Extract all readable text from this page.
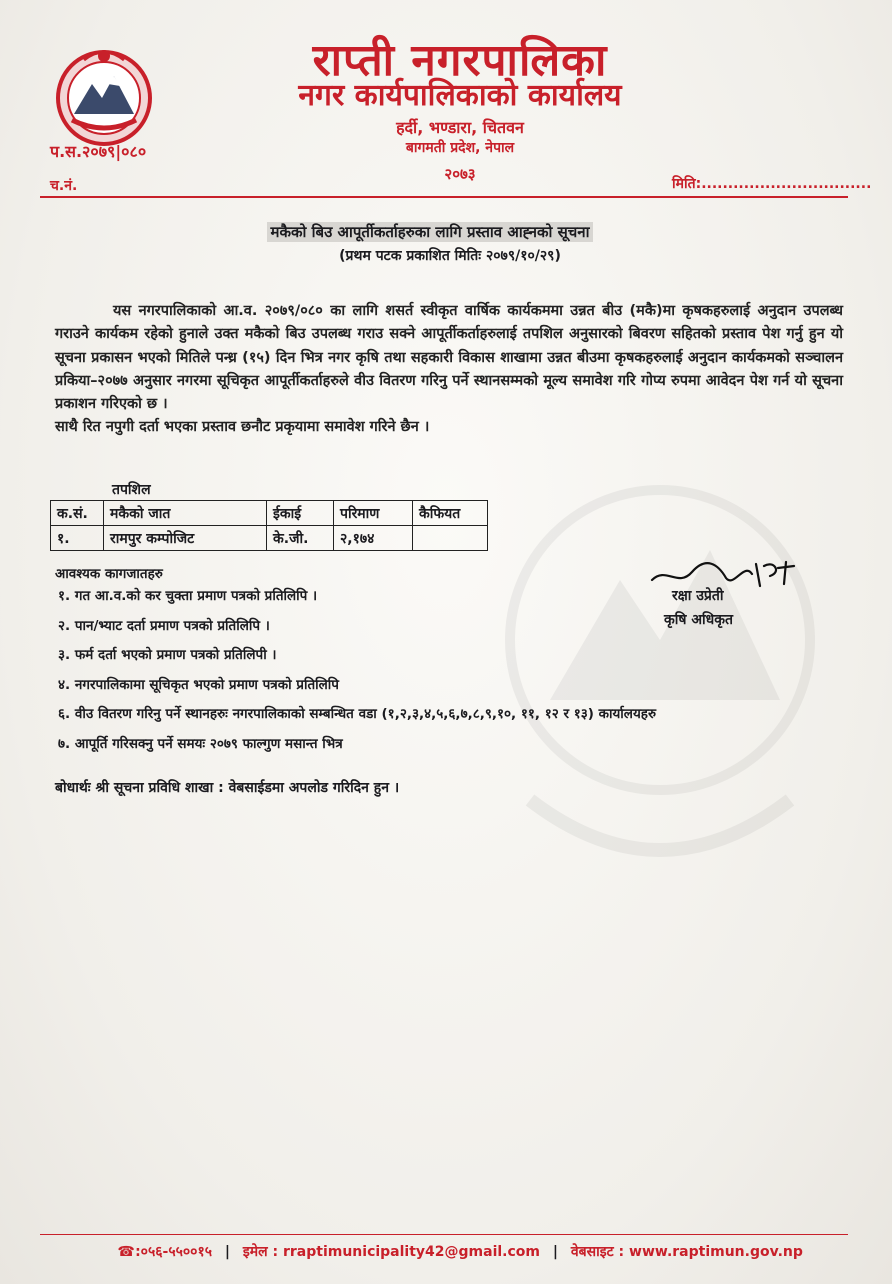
राप्ती नगरपालिका
नगर कार्यपालिकाको कार्यालय
हर्दी, भण्डारा, चितवन
बागमती प्रदेश, नेपाल
२०७३
प.स.२०७९|०८०
च.नं.	मिति:................................
मकैको बिउ आपूर्तीकर्ताहरुका लागि प्रस्ताव आह्‍नको सूचना
(प्रथम पटक प्रकाशित मितिः २०७९/१०/२९)

यस नगरपालिकाको आ.व. २०७९/०८० का लागि शसर्त स्वीकृत वार्षिक कार्यकममा उन्नत बीउ (मकै)मा कृषकहरुलाई अनुदान उपलब्ध गराउने कार्यकम रहेको हुनाले उक्त मकैको बिउ उपलब्ध गराउ सक्ने आपूर्तीकर्ताहरुलाई तपशिल अनुसारको बिवरण सहितको प्रस्ताव पेश गर्नु हुन यो सूचना प्रकासन भएको मितिले पन्ध्र (१५) दिन भित्र नगर कृषि तथा सहकारी विकास शाखामा उन्नत बीउमा कृषकहरुलाई अनुदान कार्यकमको सञ्चालन प्रकिया–२०७७ अनुसार नगरमा सूचिकृत आपूर्तीकर्ताहरुले वीउ वितरण गरिनु पर्ने स्थानसम्मको मूल्य समावेश गरि गोप्य रुपमा आवेदन पेश गर्न यो सूचना प्रकाशन गरिएको छ ।

साथै रित नपुगी दर्ता भएका प्रस्ताव छनौट प्रकृयामा समावेश गरिने छैन ।

तपशिल
क.सं.	मकैको जात	ईकाई	परिमाण	कैफियत
१.	रामपुर कम्पोजिट	के.जी.	२,१७४	
आवश्यक कागजातहरु
१. गत आ.व.को कर चुक्ता प्रमाण पत्रको प्रतिलिपि ।
२. पान/भ्याट दर्ता प्रमाण पत्रको प्रतिलिपि ।
३. फर्म दर्ता भएको प्रमाण पत्रको प्रतिलिपी ।
४. नगरपालिकामा सूचिकृत भएको प्रमाण पत्रको प्रतिलिपि
६. वीउ वितरण गरिनु पर्ने स्थानहरुः नगरपालिकाको सम्बन्धित वडा (१,२,३,४,५,६,७,८,९,१०, ११, १२ र १३) कार्यालयहरु
७. आपूर्ति गरिसक्नु पर्ने समयः २०७९ फाल्गुण मसान्त भित्र
रक्षा उप्रेती
कृषि अधिकृत
बोधार्थः श्री सूचना प्रविधि शाखा : वेबसाईडमा अपलोड गरिदिन हुन ।
☎:०५६-५५००१५ | इमेल : rraptimunicipality42@gmail.com | वेबसाइट : www.raptimun.gov.np
